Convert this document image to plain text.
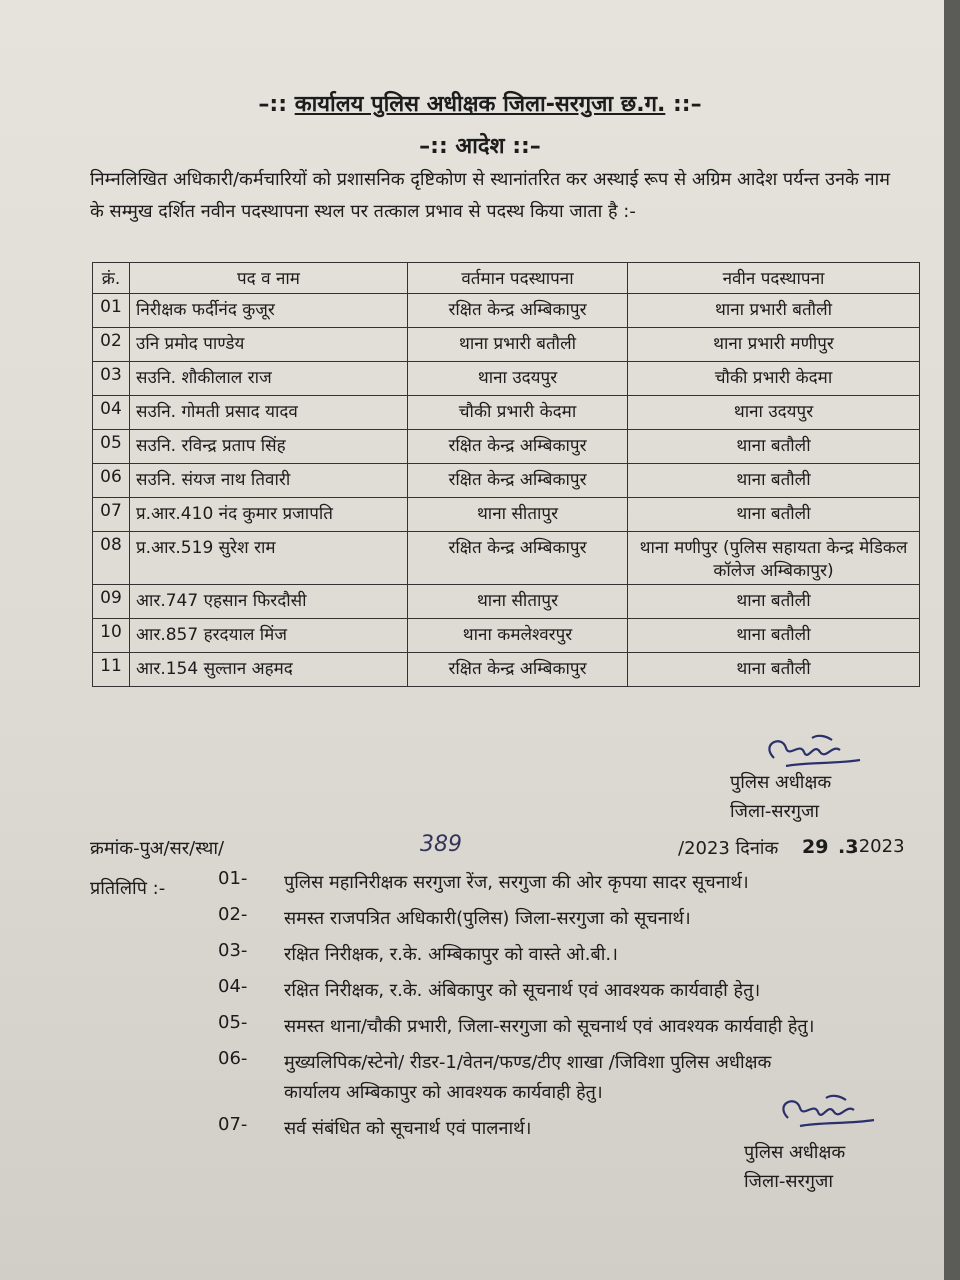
–:: कार्यालय पुलिस अधीक्षक जिला-सरगुजा छ.ग. ::–
–:: आदेश ::–
निम्नलिखित अधिकारी/कर्मचारियों को प्रशासनिक दृष्टिकोण से स्थानांतरित कर अस्थाई रूप से अग्रिम आदेश पर्यन्त उनके नाम के सम्मुख दर्शित नवीन पदस्थापना स्थल पर तत्काल प्रभाव से पदस्थ किया जाता है :-
क्रं.	पद व नाम	वर्तमान पदस्थापना	नवीन पदस्थापना
01	निरीक्षक फर्दीनंद कुजूर	रक्षित केन्द्र अम्बिकापुर	थाना प्रभारी बतौली
02	उनि प्रमोद पाण्डेय	थाना प्रभारी बतौली	थाना प्रभारी मणीपुर
03	सउनि. शौकीलाल राज	थाना उदयपुर	चौकी प्रभारी केदमा
04	सउनि. गोमती प्रसाद यादव	चौकी प्रभारी केदमा	थाना उदयपुर
05	सउनि. रविन्द्र प्रताप सिंह	रक्षित केन्द्र अम्बिकापुर	थाना बतौली
06	सउनि. संयज नाथ तिवारी	रक्षित केन्द्र अम्बिकापुर	थाना बतौली
07	प्र.आर.410 नंद कुमार प्रजापति	थाना सीतापुर	थाना बतौली
08	प्र.आर.519 सुरेश राम	रक्षित केन्द्र अम्बिकापुर	थाना मणीपुर (पुलिस सहायता केन्द्र मेडिकल कॉलेज अम्बिकापुर)
09	आर.747 एहसान फिरदौसी	थाना सीतापुर	थाना बतौली
10	आर.857 हरदयाल मिंज	थाना कमलेश्वरपुर	थाना बतौली
11	आर.154 सुल्तान अहमद	रक्षित केन्द्र अम्बिकापुर	थाना बतौली
पुलिस अधीक्षक
जिला-सरगुजा
क्रमांक-पुअ/सर/स्था/	389	/2023 दिनांक 29 .3
.2023
प्रतिलिपि :-	01-	पुलिस महानिरीक्षक सरगुजा रेंज, सरगुजा की ओर कृपया सादर सूचनार्थ।
02-	समस्त राजपत्रित अधिकारी(पुलिस) जिला-सरगुजा को सूचनार्थ।
03-	रक्षित निरीक्षक, र.के. अम्बिकापुर को वास्ते ओ.बी.।
04-	रक्षित निरीक्षक, र.के. अंबिकापुर को सूचनार्थ एवं आवश्यक कार्यवाही हेतु।
05-	समस्त थाना/चौकी प्रभारी, जिला-सरगुजा को सूचनार्थ एवं आवश्यक कार्यवाही हेतु।
06-	मुख्यलिपिक/स्टेनो/ रीडर-1/वेतन/फण्ड/टीए शाखा /जिविशा पुलिस अधीक्षक कार्यालय अम्बिकापुर को आवश्यक कार्यवाही हेतु।
07-	सर्व संबंधित को सूचनार्थ एवं पालनार्थ।
पुलिस अधीक्षक
जिला-सरगुजा
